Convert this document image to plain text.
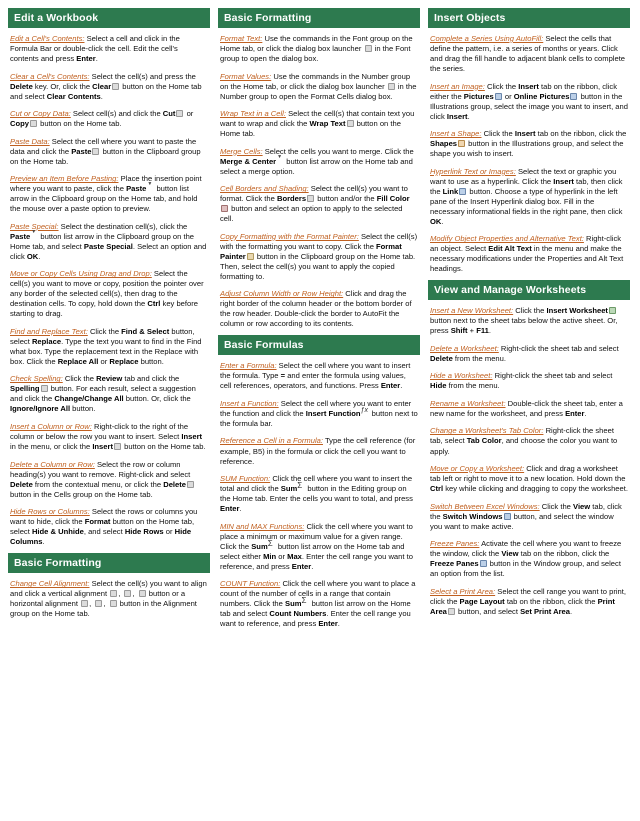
Edit a Workbook
Edit a Cell's Contents: Select a cell and click in the Formula Bar or double-click the cell. Edit the cell's contents and press Enter.
Clear a Cell's Contents: Select the cell(s) and press the Delete key. Or, click the Clear button on the Home tab and select Clear Contents.
Cut or Copy Data: Select cell(s) and click the Cut or Copy button on the Home tab.
Paste Data: Select the cell where you want to paste the data and click the Paste button in the Clipboard group on the Home tab.
Preview an Item Before Pasting: Place the insertion point where you want to paste, click the Paste▼ button list arrow in the Clipboard group on the Home tab, and hold the mouse over a paste option to preview.
Paste Special: Select the destination cell(s), click the Paste▼ button list arrow in the Clipboard group on the Home tab, and select Paste Special. Select an option and click OK.
Move or Copy Cells Using Drag and Drop: Select the cell(s) you want to move or copy, position the pointer over any border of the selected cell(s), then drag to the destination cells. To copy, hold down the Ctrl key before starting to drag.
Find and Replace Text: Click the Find & Select button, select Replace. Type the text you want to find in the Find what box. Type the replacement text in the Replace with box. Click the Replace All or Replace button.
Check Spelling: Click the Review tab and click the Spelling button. For each result, select a suggestion and click the Change/Change All button. Or, click the Ignore/Ignore All button.
Insert a Column or Row: Right-click to the right of the column or below the row you want to insert. Select Insert in the menu, or click the Insert button on the Home tab.
Delete a Column or Row: Select the row or column heading(s) you want to remove. Right-click and select Delete from the contextual menu, or click the Delete button in the Cells group on the Home tab.
Hide Rows or Columns: Select the rows or columns you want to hide, click the Format button on the Home tab, select Hide & Unhide, and select Hide Rows or Hide Columns.
Basic Formatting
Change Cell Alignment: Select the cell(s) you want to align and click a vertical alignment , ,  button or a horizontal alignment , ,  button in the Alignment group on the Home tab.
Basic Formatting
Format Text: Use the commands in the Font group on the Home tab, or click the dialog box launcher  in the Font group to open the dialog box.
Format Values: Use the commands in the Number group on the Home tab, or click the dialog box launcher  in the Number group to open the Format Cells dialog box.
Wrap Text in a Cell: Select the cell(s) that contain text you want to wrap and click the Wrap Text button on the Home tab.
Merge Cells: Select the cells you want to merge. Click the Merge & Center▼ button list arrow on the Home tab and select a merge option.
Cell Borders and Shading: Select the cell(s) you want to format. Click the Borders button and/or the Fill Color button and select an option to apply to the selected cell.
Copy Formatting with the Format Painter: Select the cell(s) with the formatting you want to copy. Click the Format Painter button in the Clipboard group on the Home tab. Then, select the cell(s) you want to apply the copied formatting to.
Adjust Column Width or Row Height: Click and drag the right border of the column header or the bottom border of the row header. Double-click the border to AutoFit the column or row according to its contents.
Basic Formulas
Enter a Formula: Select the cell where you want to insert the formula. Type = and enter the formula using values, cell references, operators, and functions. Press Enter.
Insert a Function: Select the cell where you want to enter the function and click the Insert Functionƒx button next to the formula bar.
Reference a Cell in a Formula: Type the cell reference (for example, B5) in the formula or click the cell you want to reference.
SUM Function: Click the cell where you want to insert the total and click the SumΣ button in the Editing group on the Home tab. Enter the cells you want to total, and press Enter.
MIN and MAX Functions: Click the cell where you want to place a minimum or maximum value for a given range. Click the SumΣ button list arrow on the Home tab and select either Min or Max. Enter the cell range you want to reference, and press Enter.
COUNT Function: Click the cell where you want to place a count of the number of cells in a range that contain numbers. Click the SumΣ button list arrow on the Home tab and select Count Numbers. Enter the cell range you want to reference, and press Enter.
Insert Objects
Complete a Series Using AutoFill: Select the cells that define the pattern, i.e. a series of months or years. Click and drag the fill handle to adjacent blank cells to complete the series.
Insert an Image: Click the Insert tab on the ribbon, click either the Pictures or Online Pictures button in the Illustrations group, select the image you want to insert, and click Insert.
Insert a Shape: Click the Insert tab on the ribbon, click the Shapes button in the Illustrations group, and select the shape you wish to insert.
Hyperlink Text or Images: Select the text or graphic you want to use as a hyperlink. Click the Insert tab, then click the Link button. Choose a type of hyperlink in the left pane of the Insert Hyperlink dialog box. Fill in the necessary informational fields in the right pane, then click OK.
Modify Object Properties and Alternative Text: Right-click an object. Select Edit Alt Text in the menu and make the necessary modifications under the Properties and Alt Text headings.
View and Manage Worksheets
Insert a New Worksheet: Click the Insert Worksheet button next to the sheet tabs below the active sheet. Or, press Shift + F11.
Delete a Worksheet: Right-click the sheet tab and select Delete from the menu.
Hide a Worksheet: Right-click the sheet tab and select Hide from the menu.
Rename a Worksheet: Double-click the sheet tab, enter a new name for the worksheet, and press Enter.
Change a Worksheet's Tab Color: Right-click the sheet tab, select Tab Color, and choose the color you want to apply.
Move or Copy a Worksheet: Click and drag a worksheet tab left or right to move it to a new location. Hold down the Ctrl key while clicking and dragging to copy the worksheet.
Switch Between Excel Windows: Click the View tab, click the Switch Windows button, and select the window you want to make active.
Freeze Panes: Activate the cell where you want to freeze the window, click the View tab on the ribbon, click the Freeze Panes button in the Window group, and select an option from the list.
Select a Print Area: Select the cell range you want to print, click the Page Layout tab on the ribbon, click the Print Area button, and select Set Print Area.
